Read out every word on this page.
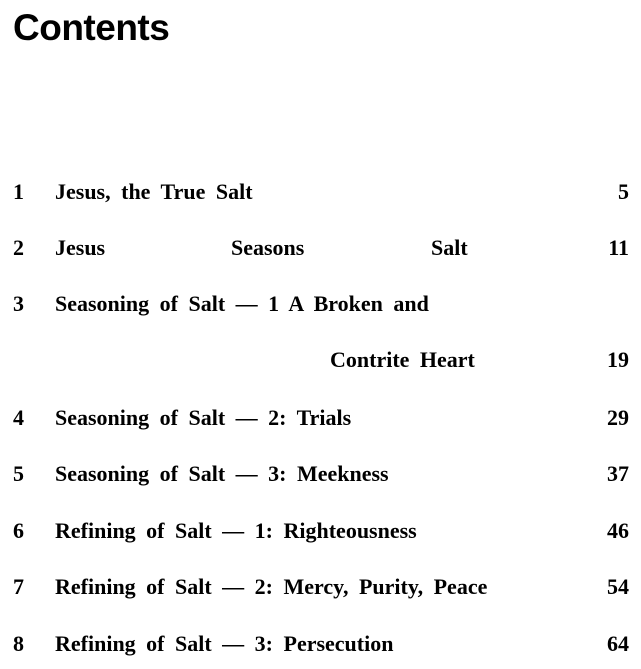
Contents
1 Jesus, the True Salt	5
2 Jesus	Seasons	Salt	11
3 Seasoning of Salt — 1 A Broken and
Contrite Heart	19
4 Seasoning of Salt — 2: Trials	29
5 Seasoning of Salt — 3: Meekness	37
6 Refining of Salt — 1: Righteousness	46
7 Refining of Salt — 2: Mercy, Purity, Peace	54
8 Refining of Salt — 3: Persecution	64
